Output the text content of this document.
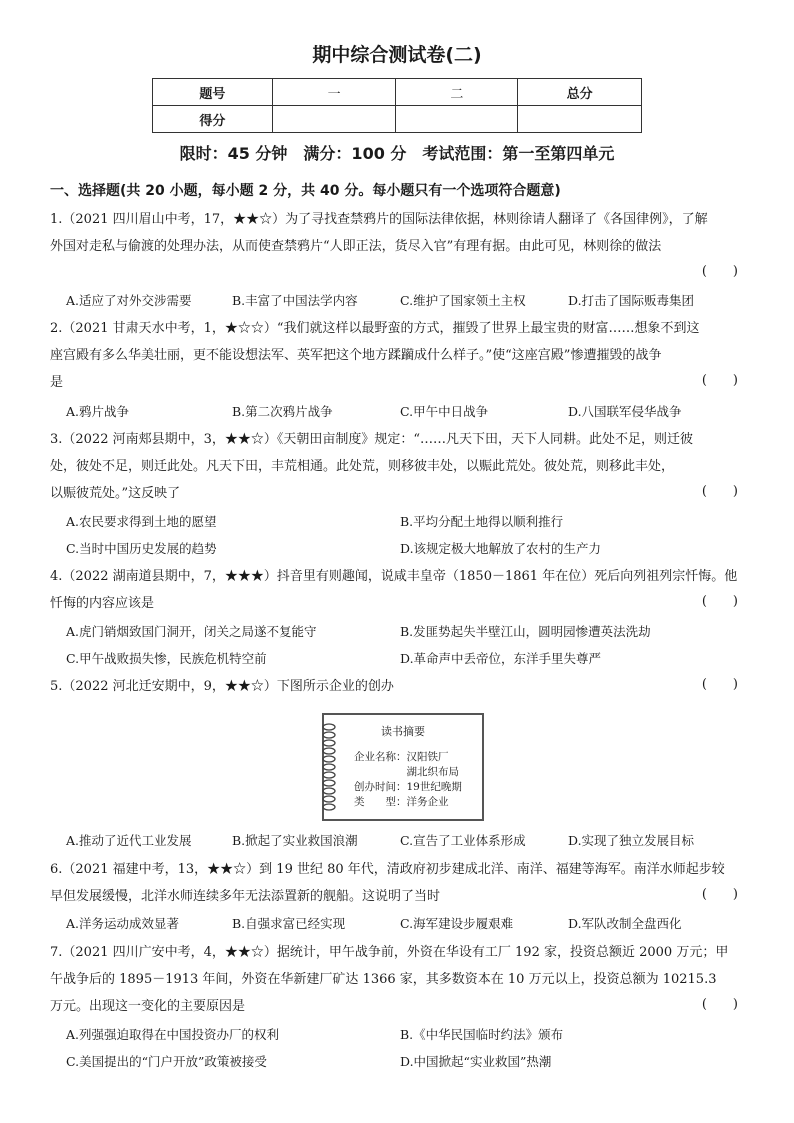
期中综合测试卷(二)
题号	一	二	总分
得分			
限时：45 分钟　满分：100 分　考试范围：第一至第四单元
一、选择题(共 20 小题，每小题 2 分，共 40 分。每小题只有一个选项符合题意)
1.（2021 四川眉山中考，17，★★☆）为了寻找查禁鸦片的国际法律依据，林则徐请人翻译了《各国律例》，了解
外国对走私与偷渡的处理办法，从而使查禁鸦片“人即正法，货尽入官”有理有据。由此可见，林则徐的做法
(　　)
A.适应了对外交涉需要	B.丰富了中国法学内容	C.维护了国家领土主权	D.打击了国际贩毒集团
2.（2021 甘肃天水中考，1，★☆☆）“我们就这样以最野蛮的方式，摧毁了世界上最宝贵的财富……想象不到这
座宫殿有多么华美壮丽，更不能设想法军、英军把这个地方蹂躏成什么样子。”使“这座宫殿”惨遭摧毁的战争
是	(　　)
A.鸦片战争	B.第二次鸦片战争	C.甲午中日战争	D.八国联军侵华战争
3.（2022 河南郏县期中，3，★★☆）《天朝田亩制度》规定：“……凡天下田，天下人同耕。此处不足，则迁彼
处，彼处不足，则迁此处。凡天下田，丰荒相通。此处荒，则移彼丰处，以赈此荒处。彼处荒，则移此丰处，
以赈彼荒处。”这反映了	(　　)
A.农民要求得到土地的愿望	B.平均分配土地得以顺利推行
C.当时中国历史发展的趋势	D.该规定极大地解放了农村的生产力
4.（2022 湖南道县期中，7，★★★）抖音里有则趣闻，说咸丰皇帝（1850－1861 年在位）死后向列祖列宗忏悔。他
忏悔的内容应该是	(　　)
A.虎门销烟致国门洞开，闭关之局遂不复能守	B.发匪势起失半壁江山，圆明园惨遭英法洗劫
C.甲午战败损失惨，民族危机特空前	D.革命声中丢帝位，东洋手里失尊严
5.（2022 河北迁安期中，9，★★☆）下图所示企业的创办	(　　)
读书摘要
企业名称：汉阳铁厂
　　　　　湖北织布局
创办时间：19世纪晚期
类　　型：洋务企业
A.推动了近代工业发展	B.掀起了实业救国浪潮	C.宣告了工业体系形成	D.实现了独立发展目标
6.（2021 福建中考，13，★★☆）到 19 世纪 80 年代，清政府初步建成北洋、南洋、福建等海军。南洋水师起步较
早但发展缓慢，北洋水师连续多年无法添置新的舰船。这说明了当时	(　　)
A.洋务运动成效显著	B.自强求富已经实现	C.海军建设步履艰难	D.军队改制全盘西化
7.（2021 四川广安中考，4，★★☆）据统计，甲午战争前，外资在华设有工厂 192 家，投资总额近 2000 万元；甲
午战争后的 1895－1913 年间，外资在华新建厂矿达 1366 家，其多数资本在 10 万元以上，投资总额为 10215.3
万元。出现这一变化的主要原因是	(　　)
A.列强强迫取得在中国投资办厂的权利	B.《中华民国临时约法》颁布
C.美国提出的“门户开放”政策被接受	D.中国掀起“实业救国”热潮
